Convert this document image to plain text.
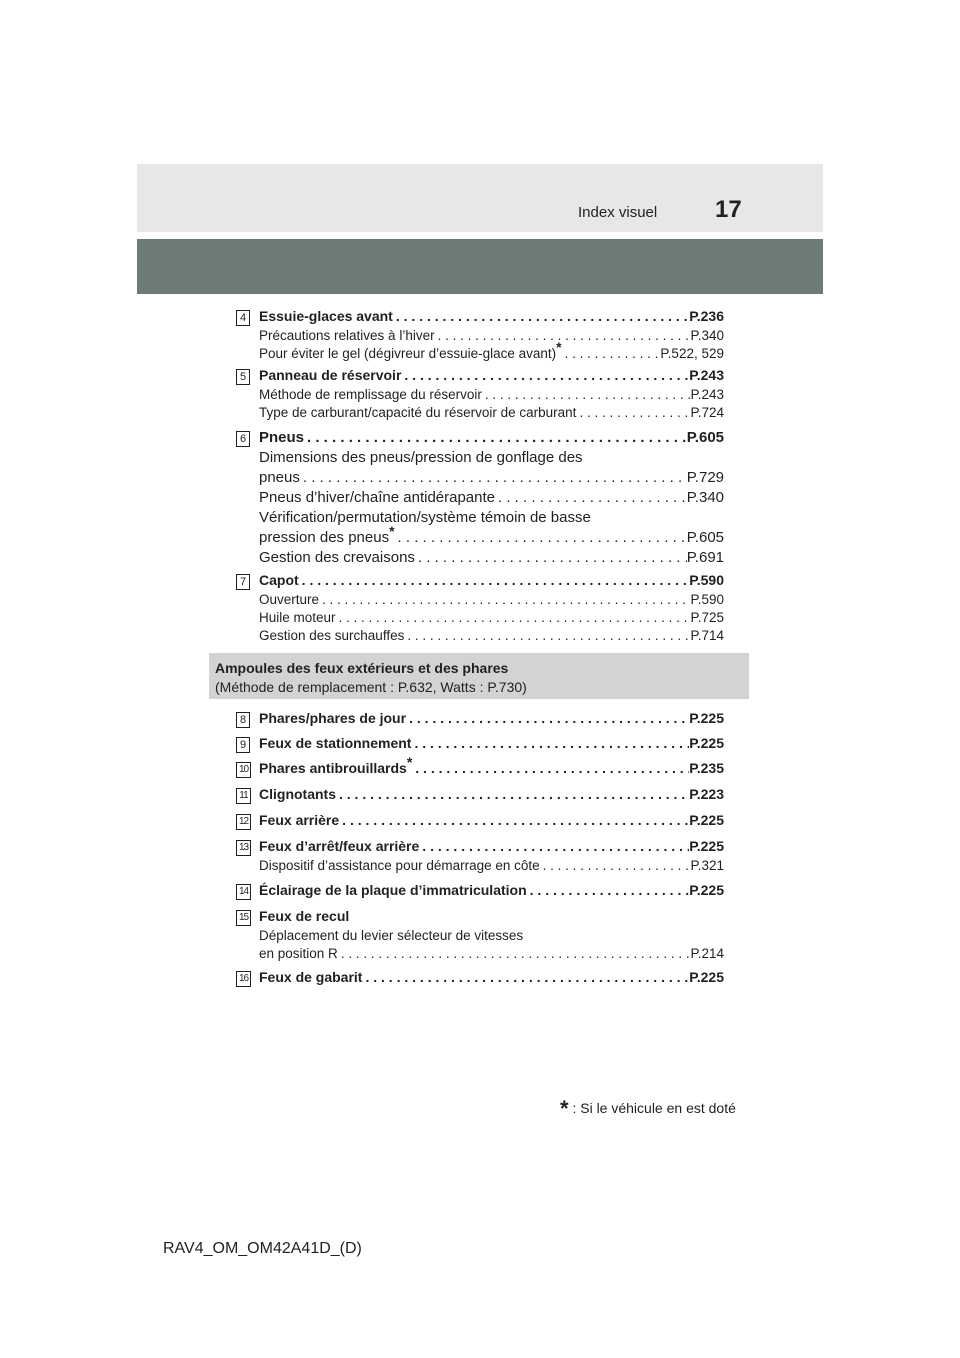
Index visuel 17
4 Essuie-glaces avant . . .	P.236
Précautions relatives à l’hiver . . .	P.340
Pour éviter le gel (dégivreur d’essuie-glace avant)* . . .	P.522, 529
5 Panneau de réservoir . . .	P.243
Méthode de remplissage du réservoir . . .	P.243
Type de carburant/capacité du réservoir de carburant . . .	P.724
6 Pneus . . .	P.605
Dimensions des pneus/pression de gonflage des
pneus . . .	P.729
Pneus d’hiver/chaîne antidérapante . . .	P.340
Vérification/permutation/système témoin de basse
pression des pneus* . . .	P.605
Gestion des crevaisons . . .	P.691
7 Capot . . .	P.590
Ouverture . . .	P.590
Huile moteur . . .	P.725
Gestion des surchauffes . . .	P.714
Ampoules des feux extérieurs et des phares
(Méthode de remplacement : P.632, Watts : P.730)
8 Phares/phares de jour . . .	P.225
9 Feux de stationnement . . .	P.225
10 Phares antibrouillards* . . .	P.235
11 Clignotants . . .	P.223
12 Feux arrière . . .	P.225
13 Feux d’arrêt/feux arrière . . .	P.225
Dispositif d’assistance pour démarrage en côte . . .	P.321
14 Éclairage de la plaque d’immatriculation . . .	P.225
15 Feux de recul
Déplacement du levier sélecteur de vitesses
en position R . . .	P.214
16 Feux de gabarit . . .	P.225
* : Si le véhicule en est doté
RAV4_OM_OM42A41D_(D)
